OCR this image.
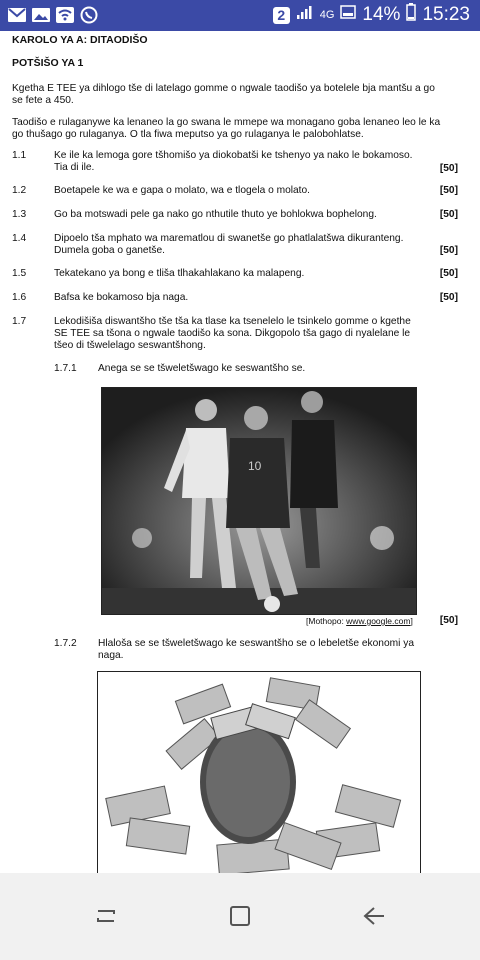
2	4G 14% 15:23
KAROLO YA A: DITAODIŠO
POTŠIŠO YA 1
Kgetha E TEE ya dihlogo tše di latelago gomme o ngwale taodišo ya botelele bja mantšu a go se fete a 450.
Taodišo e rulaganywe ka lenaneo la go swana le mmepe wa monagano goba lenaneo leo le ka go thušago go rulaganya. O tla fiwa meputso ya go rulaganya le palobohlatse.
1.1	Ke ile ka lemoga gore tšhomišo ya diokobatši ke tshenyo ya nako le bokamoso. Tia di ile.	[50]
1.2	Boetapele ke wa e gapa o molato, wa e tlogela o molato.	[50]
1.3	Go ba motswadi pele ga nako go nthutile thuto ye bohlokwa bophelong.	[50]
1.4	Dipoelo tša mphato wa marematlou di swanetše go phatlalatšwa dikuranteng. Dumela goba o ganetše.	[50]
1.5	Tekatekano ya bong e tliša tlhakahlakano ka malapeng.	[50]
1.6	Bafsa ke bokamoso bja naga.	[50]
1.7	Lekodišiša diswantšho tše tša ka tlase ka tsenelelo le tsinkelo gomme o kgethe SE TEE sa tšona o ngwale taodišo ka sona. Dikgopolo tša gago di nyalelane le tšeo di tšwelelago seswantšhong.
1.7.1 Anega se se tšweletšwago ke seswantšho se.
10
[Mothopo: www.google.com]	[50]
1.7.2 Hlaloša se se tšweletšwago ke seswantšho se o lebeletše ekonomi ya naga.
